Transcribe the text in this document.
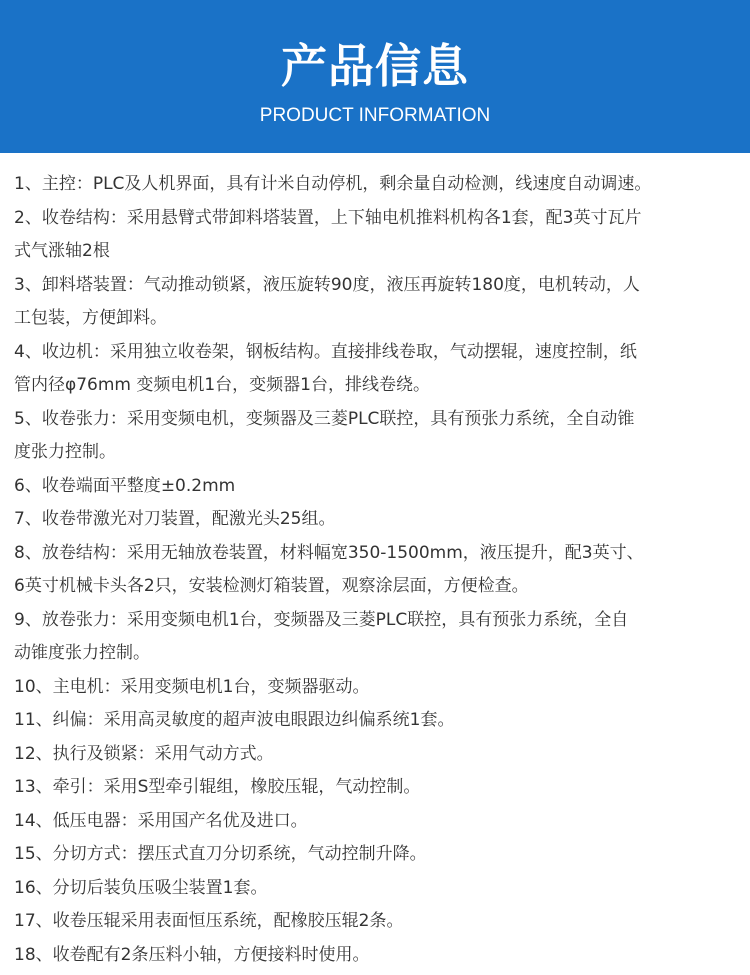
产品信息
PRODUCT INFORMATION

1、主控：PLC及人机界面，具有计米自动停机，剩余量自动检测，线速度自动调速。

2、收卷结构：采用悬臂式带卸料塔装置，上下轴电机推料机构各1套，配3英寸瓦片

式气涨轴2根

3、卸料塔装置：气动推动锁紧，液压旋转90度，液压再旋转180度，电机转动，人

工包装，方便卸料。

4、收边机：采用独立收卷架，钢板结构。直接排线卷取，气动摆辊，速度控制，纸

管内径φ76mm 变频电机1台，变频器1台，排线卷绕。

5、收卷张力：采用变频电机，变频器及三菱PLC联控，具有预张力系统，全自动锥

度张力控制。

6、收卷端面平整度±0.2mm

7、收卷带激光对刀装置，配激光头25组。

8、放卷结构：采用无轴放卷装置，材料幅宽350-1500mm，液压提升，配3英寸、

6英寸机械卡头各2只，安装检测灯箱装置，观察涂层面，方便检查。

9、放卷张力：采用变频电机1台，变频器及三菱PLC联控，具有预张力系统，全自

动锥度张力控制。

10、主电机：采用变频电机1台，变频器驱动。

11、纠偏：采用高灵敏度的超声波电眼跟边纠偏系统1套。

12、执行及锁紧：采用气动方式。

13、牵引：采用S型牵引辊组，橡胶压辊，气动控制。

14、低压电器：采用国产名优及进口。

15、分切方式：摆压式直刀分切系统，气动控制升降。

16、分切后装负压吸尘装置1套。

17、收卷压辊采用表面恒压系统，配橡胶压辊2条。

18、收卷配有2条压料小轴，方便接料时使用。
